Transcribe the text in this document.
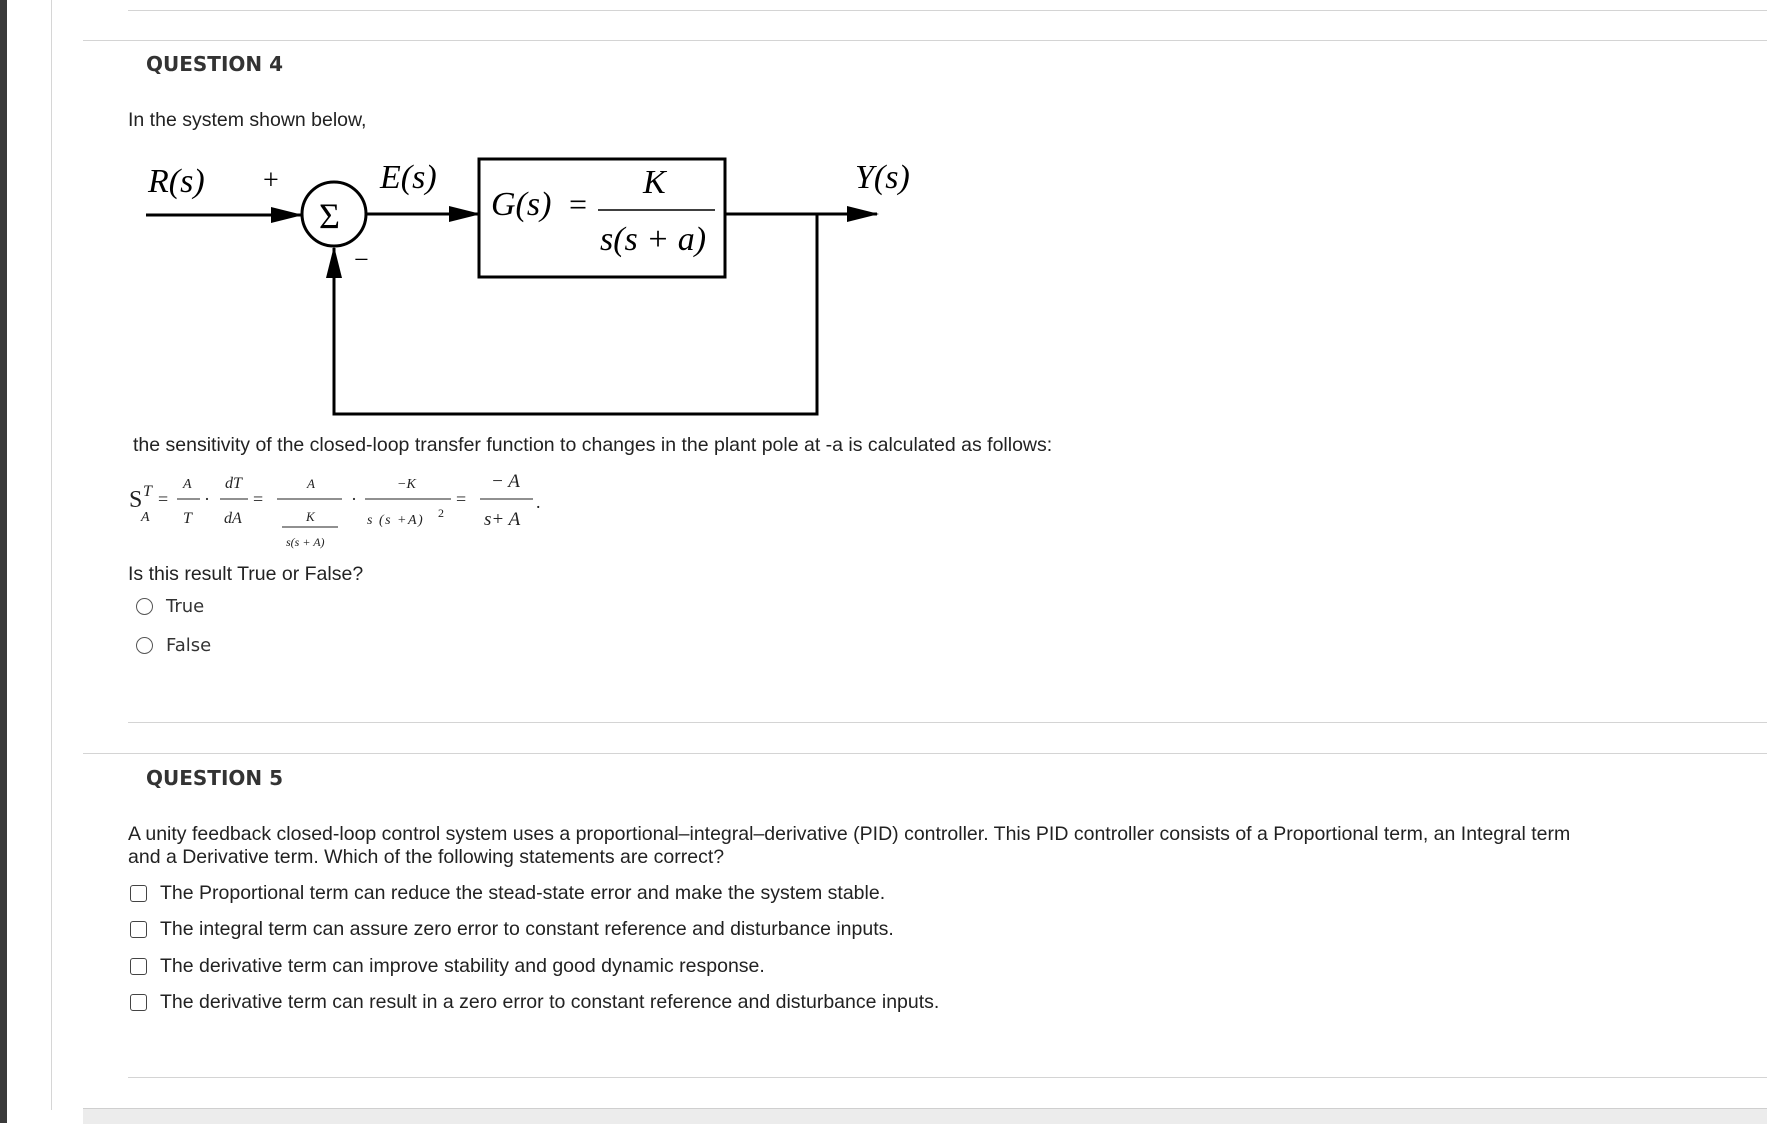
QUESTION 4
In the system shown below,
R(s) +
Σ
−
E(s)
G(s) =
K
s(s + a)
Y(s)
the sensitivity of the closed-loop transfer function to changes in the plant pole at -a is calculated as follows:
S T
A
=
A
T
·
dT
dA
=
A
K
s(s + A)
·
−K
s (s +A) 2
=
− A
s+ A
.
Is this result True or False?
True
False
QUESTION 5
A unity feedback closed-loop control system uses a proportional–integral–derivative (PID) controller. This PID controller consists of a Proportional term, an Integral term
and a Derivative term. Which of the following statements are correct?
The Proportional term can reduce the stead-state error and make the system stable.
The integral term can assure zero error to constant reference and disturbance inputs.
The derivative term can improve stability and good dynamic response.
The derivative term can result in a zero error to constant reference and disturbance inputs.
